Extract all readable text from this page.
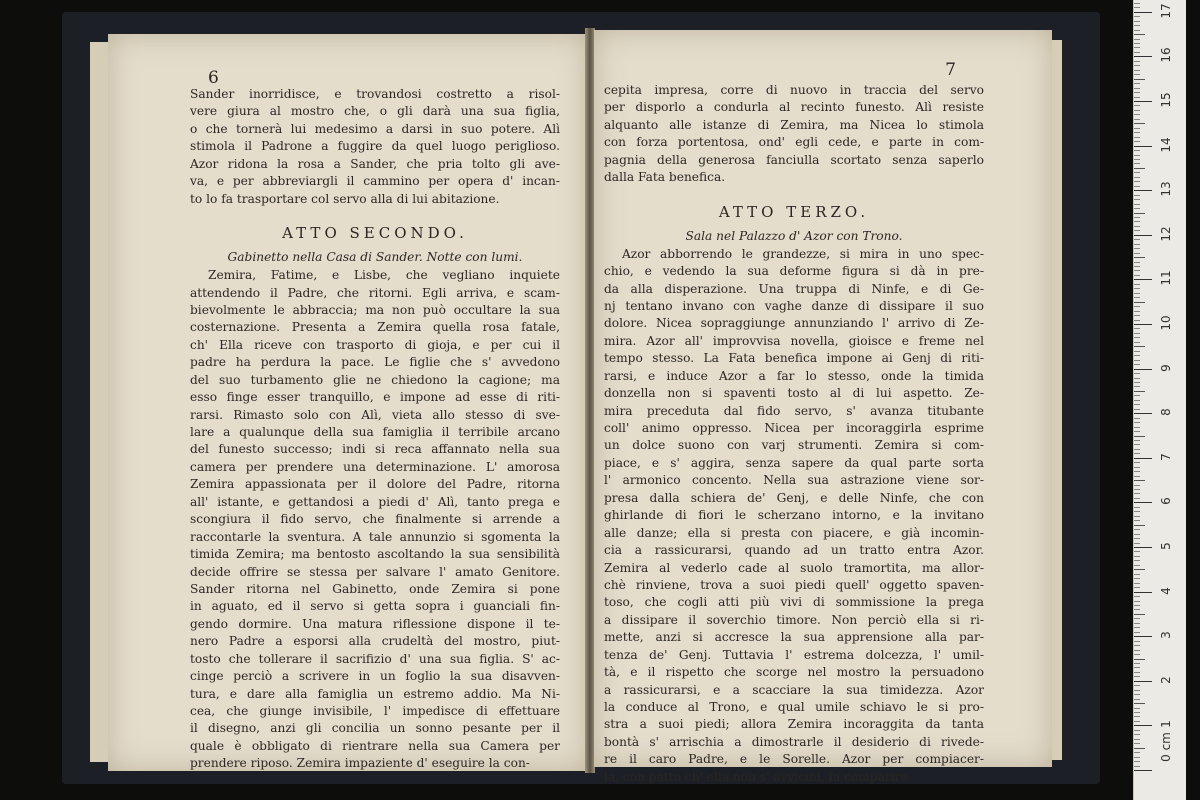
6
Sander inorridisce, e trovandosi costretto a risol-
vere giura al mostro che, o gli darà una sua figlia,
o che tornerà lui medesimo a darsi in suo potere. Alì
stimola il Padrone a fuggire da quel luogo periglioso.
Azor ridona la rosa a Sander, che pria tolto gli ave-
va, e per abbreviargli il cammino per opera d' incan-
to lo fa trasportare col servo alla di lui abitazione.
ATTO SECONDO.
Gabinetto nella Casa di Sander. Notte con lumi.
Zemira, Fatime, e Lisbe, che vegliano inquiete
attendendo il Padre, che ritorni. Egli arriva, e scam-
bievolmente le abbraccia; ma non può occultare la sua
costernazione. Presenta a Zemira quella rosa fatale,
ch' Ella riceve con trasporto di gioja, e per cui il
padre ha perdura la pace. Le figlie che s' avvedono
del suo turbamento glie ne chiedono la cagione; ma
esso finge esser tranquillo, e impone ad esse di riti-
rarsi. Rimasto solo con Alì, vieta allo stesso di sve-
lare a qualunque della sua famiglia il terribile arcano
del funesto successo; indi si reca affannato nella sua
camera per prendere una determinazione. L' amorosa
Zemira appassionata per il dolore del Padre, ritorna
all' istante, e gettandosi a piedi d' Alì, tanto prega e
scongiura il fido servo, che finalmente si arrende a
raccontarle la sventura. A tale annunzio si sgomenta la
timida Zemira; ma bentosto ascoltando la sua sensibilità
decide offrire se stessa per salvare l' amato Genitore.
Sander ritorna nel Gabinetto, onde Zemira si pone
in aguato, ed il servo si getta sopra i guanciali fin-
gendo dormire. Una matura riflessione dispone il te-
nero Padre a esporsi alla crudeltà del mostro, piut-
tosto che tollerare il sacrifizio d' una sua figlia. S' ac-
cinge perciò a scrivere in un foglio la sua disavven-
tura, e dare alla famiglia un estremo addio. Ma Ni-
cea, che giunge invisibile, l' impedisce di effettuare
il disegno, anzi gli concilia un sonno pesante per il
quale è obbligato di rientrare nella sua Camera per
prendere riposo. Zemira impaziente d' eseguire la con-
7
cepita impresa, corre di nuovo in traccia del servo
per disporlo a condurla al recinto funesto. Alì resiste
alquanto alle istanze di Zemira, ma Nicea lo stimola
con forza portentosa, ond' egli cede, e parte in com-
pagnia della generosa fanciulla scortato senza saperlo
dalla Fata benefica.
ATTO TERZO.
Sala nel Palazzo d' Azor con Trono.
Azor abborrendo le grandezze, si mira in uno spec-
chio, e vedendo la sua deforme figura si dà in pre-
da alla disperazione. Una truppa di Ninfe, e di Ge-
nj tentano invano con vaghe danze di dissipare il suo
dolore. Nicea sopraggiunge annunziando l' arrivo di Ze-
mira. Azor all' improvvisa novella, gioisce e freme nel
tempo stesso. La Fata benefica impone ai Genj di riti-
rarsi, e induce Azor a far lo stesso, onde la timida
donzella non si spaventi tosto al di lui aspetto. Ze-
mira preceduta dal fido servo, s' avanza titubante
coll' animo oppresso. Nicea per incoraggirla esprime
un dolce suono con varj strumenti. Zemira si com-
piace, e s' aggira, senza sapere da qual parte sorta
l' armonico concento. Nella sua astrazione viene sor-
presa dalla schiera de' Genj, e delle Ninfe, che con
ghirlande di fiori le scherzano intorno, e la invitano
alle danze; ella si presta con piacere, e già incomin-
cia a rassicurarsi, quando ad un tratto entra Azor.
Zemira al vederlo cade al suolo tramortita, ma allor-
chè rinviene, trova a suoi piedi quell' oggetto spaven-
toso, che cogli atti più vivi di sommissione la prega
a dissipare il soverchio timore. Non perciò ella si ri-
mette, anzi si accresce la sua apprensione alla par-
tenza de' Genj. Tuttavia l' estrema dolcezza, l' umil-
tà, e il rispetto che scorge nel mostro la persuadono
a rassicurarsi, e a scacciare la sua timidezza. Azor
la conduce al Trono, e qual umile schiavo le si pro-
stra a suoi piedi; allora Zemira incoraggita da tanta
bontà s' arrischia a dimostrarle il desiderio di rivede-
re il caro Padre, e le Sorelle. Azor per compiacer-
la, con patto ch' ella non s' avvicini, fa comparire
0 cm
1
2
3
4
5
6
7
8
9
10
11
12
13
14
15
16
17
